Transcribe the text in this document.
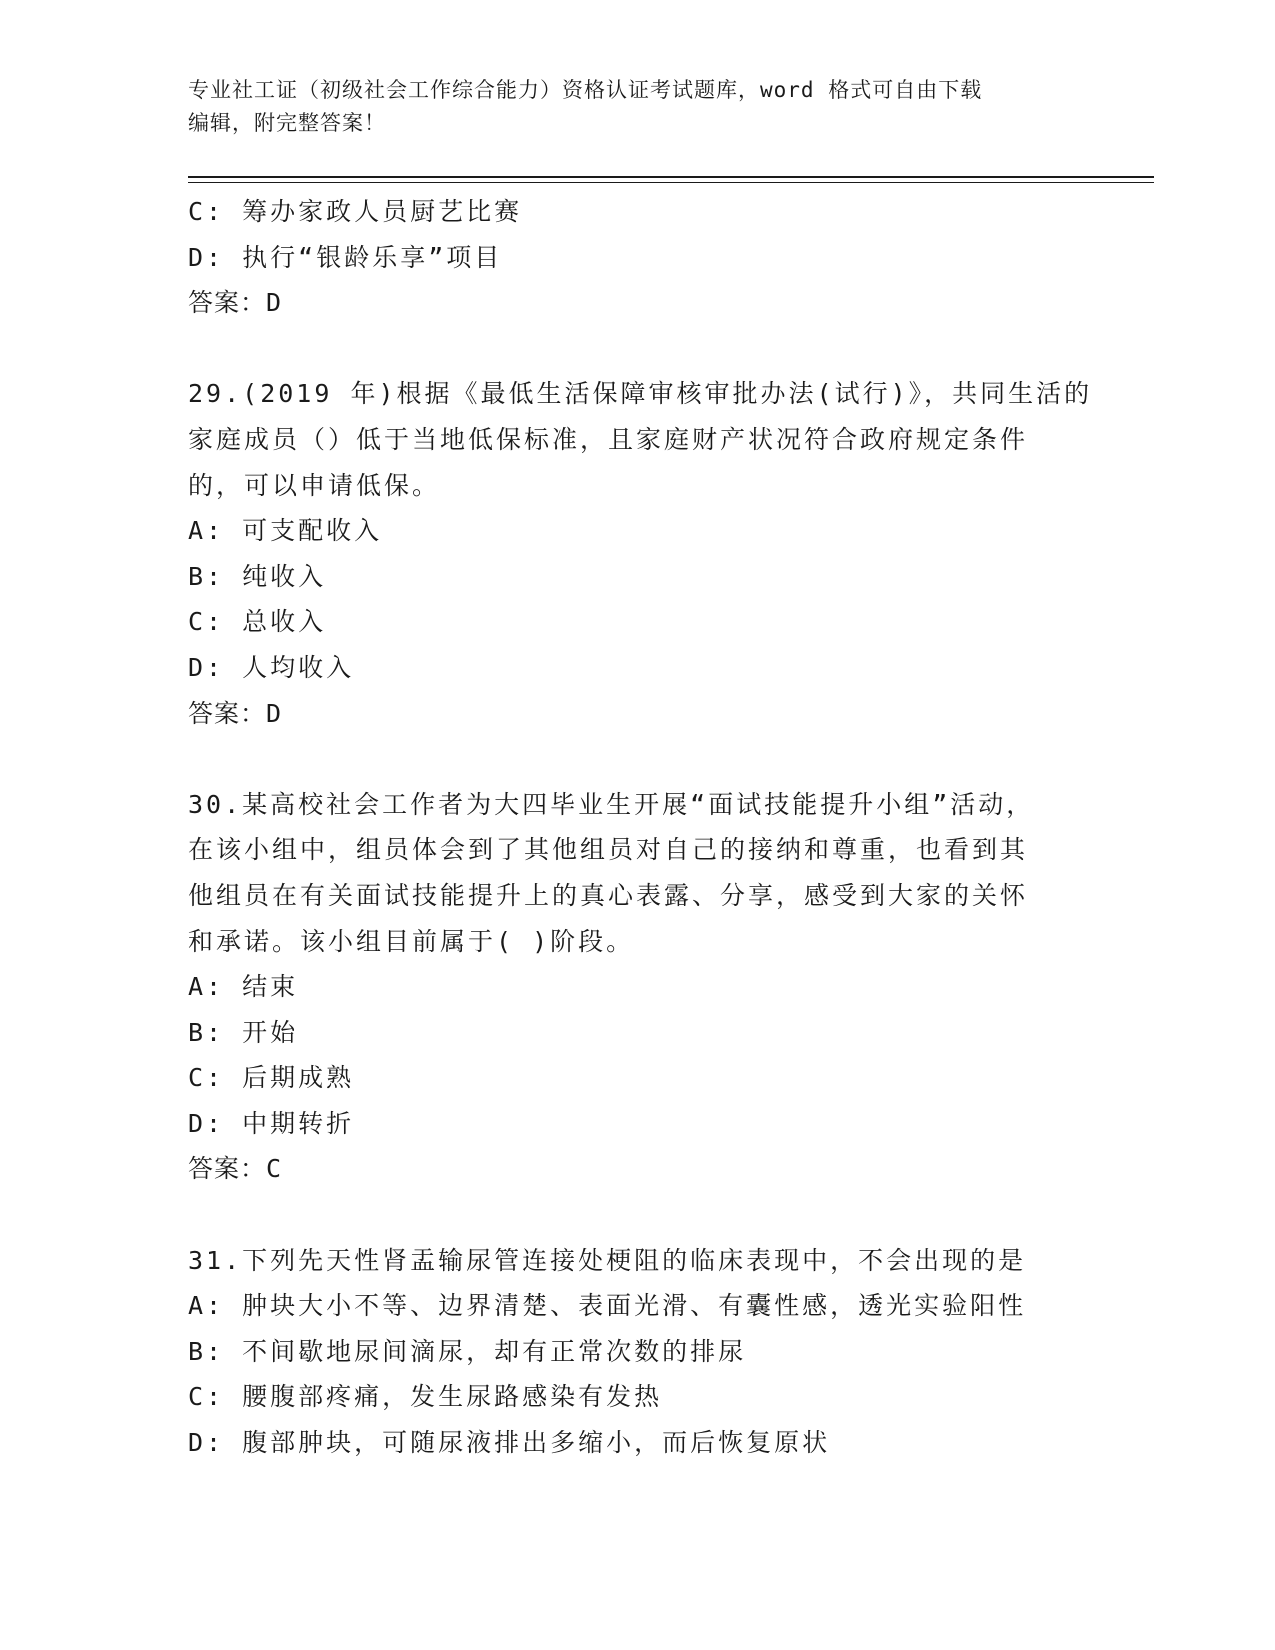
专业社工证（初级社会工作综合能力）资格认证考试题库，word 格式可自由下载
编辑，附完整答案！
C: 筹办家政人员厨艺比赛
D: 执行“银龄乐享”项目
答案：D
29.(2019 年)根据《最低生活保障审核审批办法(试行)》，共同生活的
家庭成员（）低于当地低保标准，且家庭财产状况符合政府规定条件
的，可以申请低保。
A: 可支配收入
B: 纯收入
C: 总收入
D: 人均收入
答案：D
30.某高校社会工作者为大四毕业生开展“面试技能提升小组”活动，
在该小组中，组员体会到了其他组员对自己的接纳和尊重，也看到其
他组员在有关面试技能提升上的真心表露、分享，感受到大家的关怀
和承诺。该小组目前属于( )阶段。
A: 结束
B: 开始
C: 后期成熟
D: 中期转折
答案：C
31.下列先天性肾盂输尿管连接处梗阻的临床表现中，不会出现的是
A: 肿块大小不等、边界清楚、表面光滑、有囊性感，透光实验阳性
B: 不间歇地尿间滴尿，却有正常次数的排尿
C: 腰腹部疼痛，发生尿路感染有发热
D: 腹部肿块，可随尿液排出多缩小，而后恢复原状
